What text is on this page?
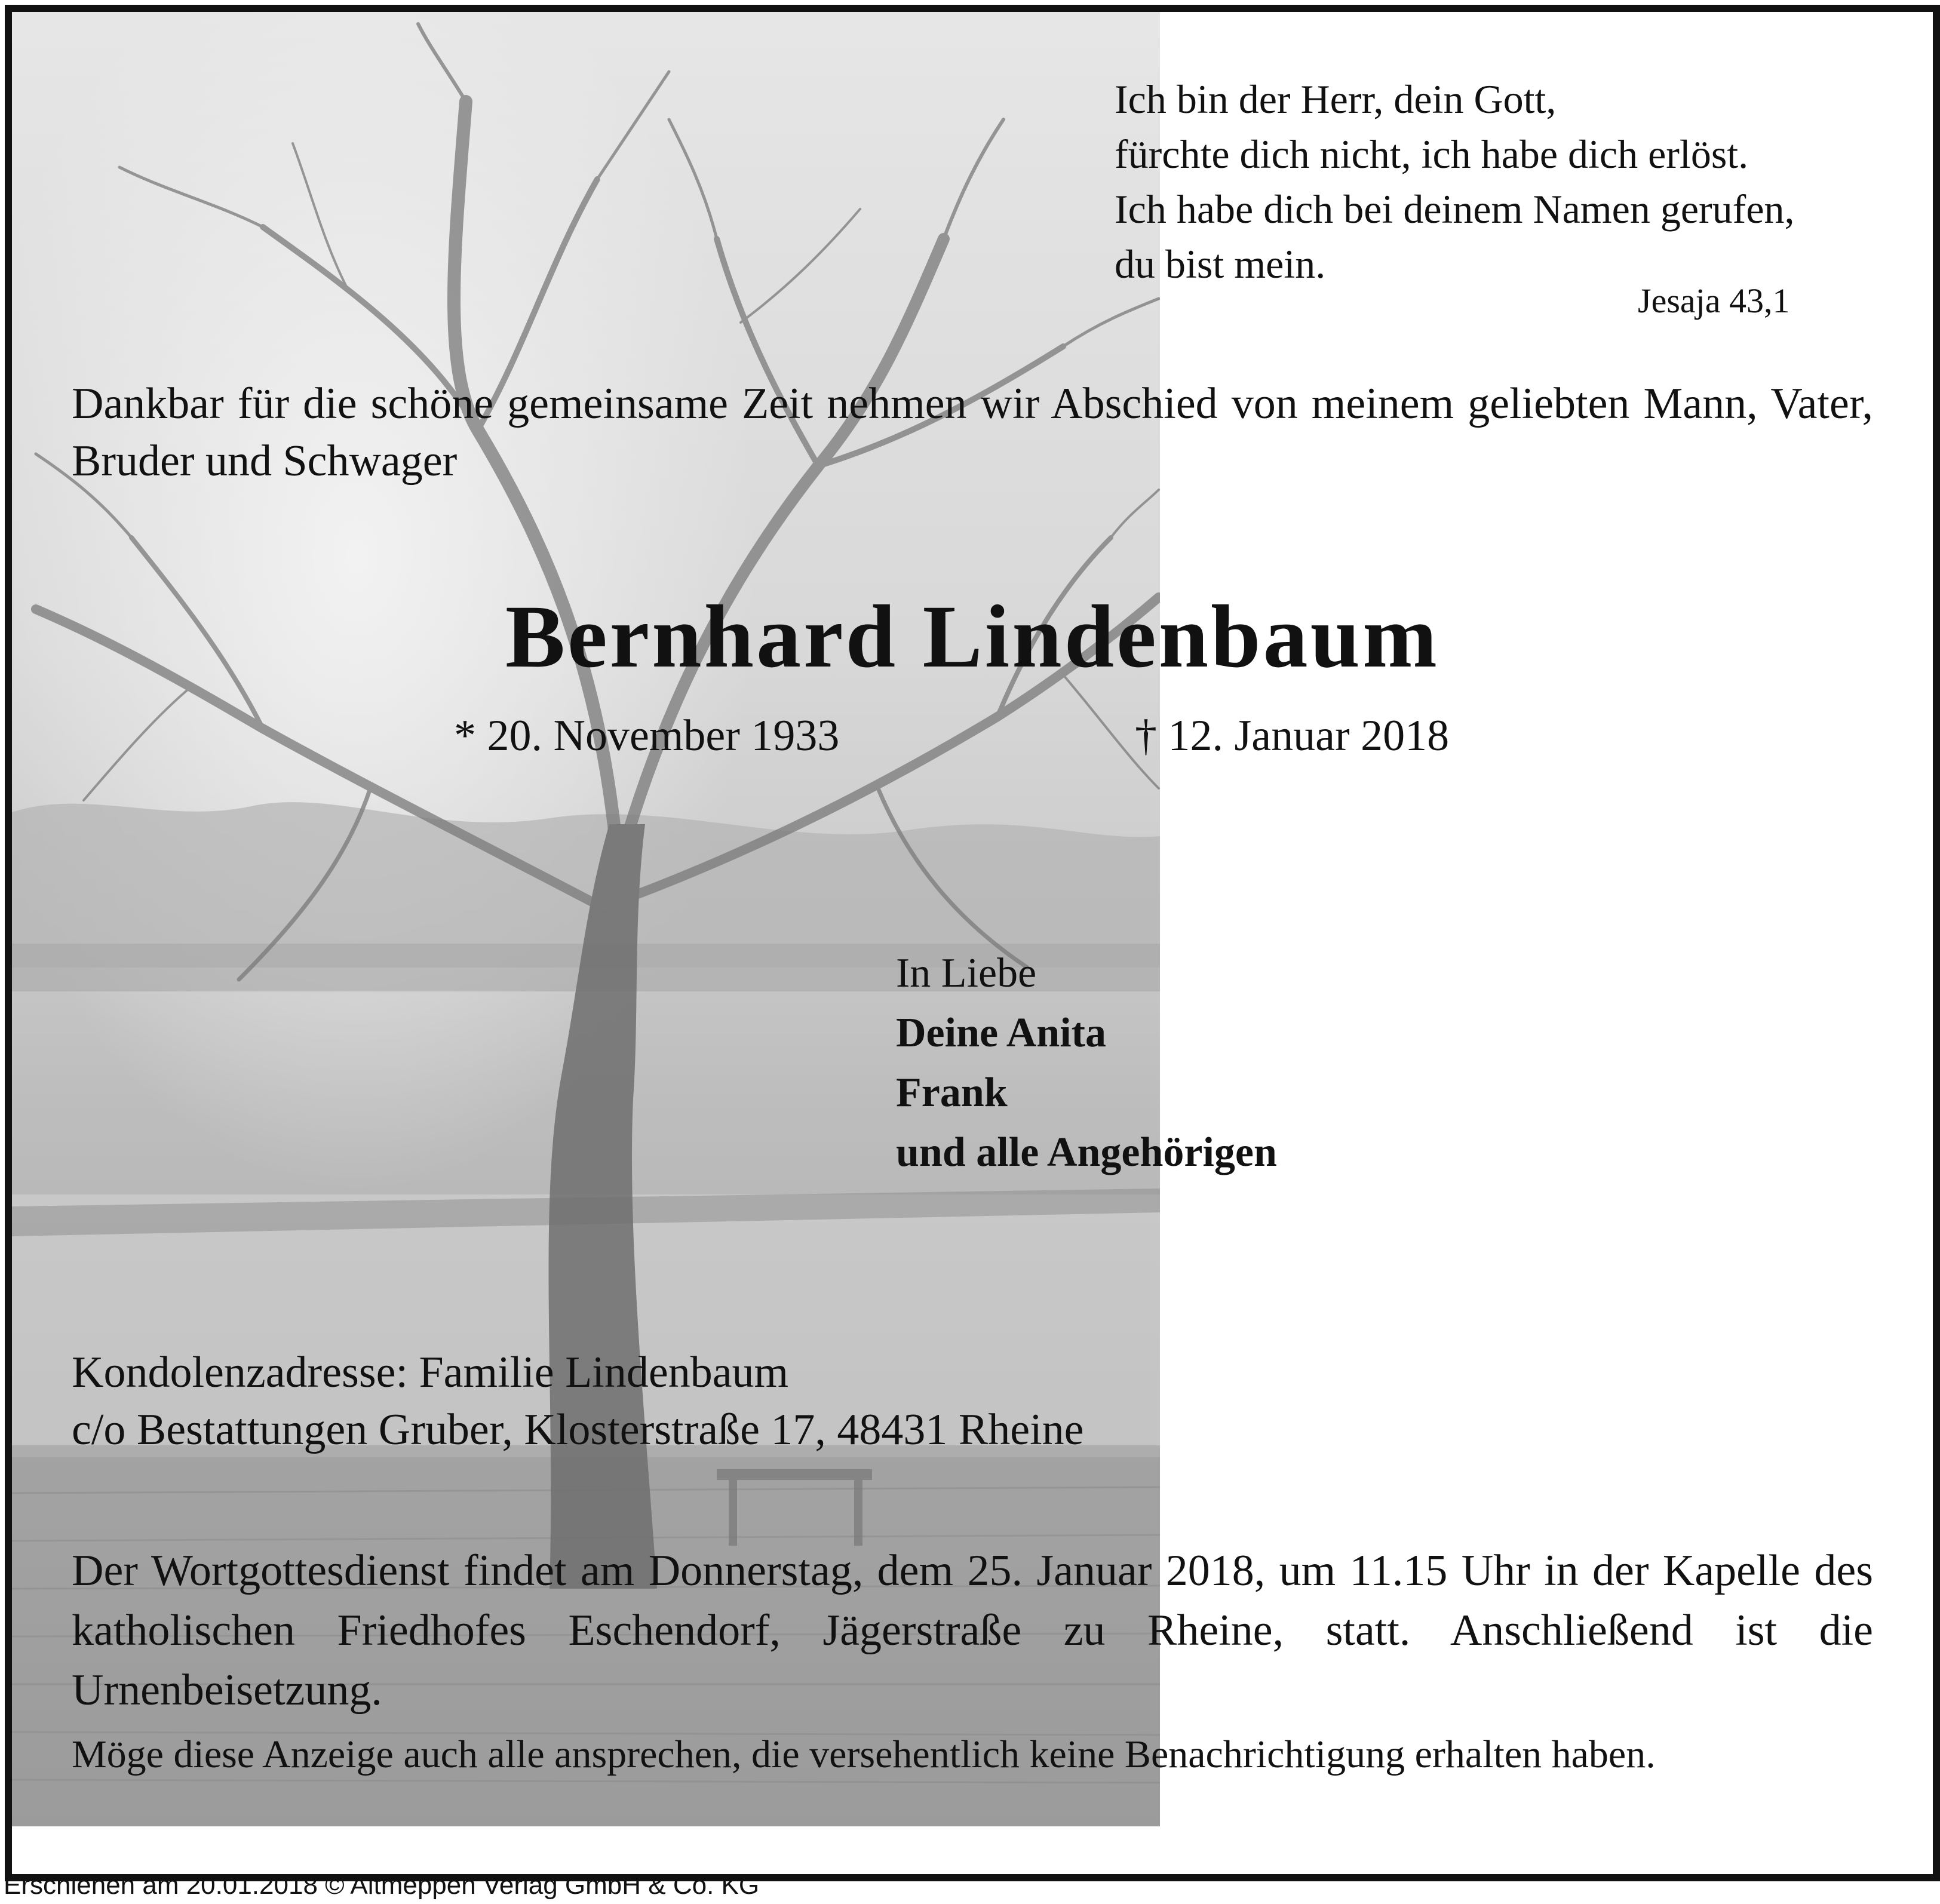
Ich bin der Herr, dein Gott,
fürchte dich nicht, ich habe dich erlöst.
Ich habe dich bei deinem Namen gerufen,
du bist mein.
Jesaja 43,1
Dankbar für die schöne gemeinsame Zeit nehmen wir Abschied von meinem geliebten Mann, Vater, Bruder und Schwager
Bernhard Lindenbaum
* 20. November 1933	† 12. Januar 2018
In Liebe
Deine Anita
Frank
und alle Angehörigen
Kondolenzadresse: Familie Lindenbaum
c/o Bestattungen Gruber, Klosterstraße 17, 48431 Rheine
Der Wortgottesdienst findet am Donnerstag, dem 25. Januar 2018, um 11.15 Uhr in der Kapelle des katholischen Friedhofes Eschendorf, Jägerstraße zu Rheine, statt. Anschließend ist die Urnenbeisetzung.
Möge diese Anzeige auch alle ansprechen, die versehentlich keine Benachrichtigung erhalten haben.
Erschienen am 20.01.2018 © Altmeppen Verlag GmbH & Co. KG
